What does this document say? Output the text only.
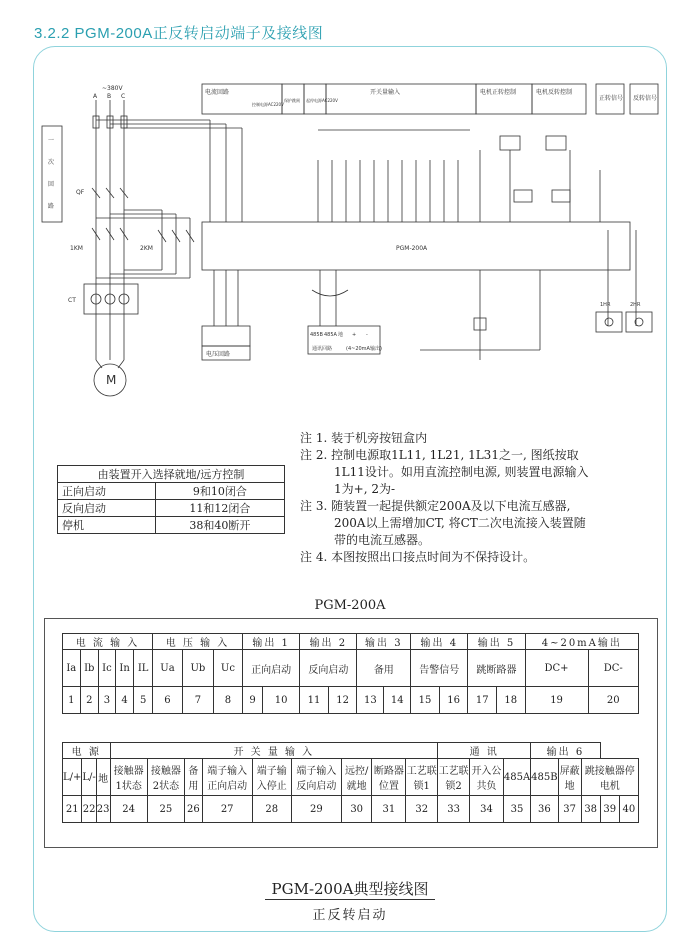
3.2.2 PGM-200A正反转启动端子及接线图
一
次
回
路
~380V
A B C
QF
1KM	2KM
CT
M
PGM-200A
电流回路
控制电源AC220V
保护跳闸 起停电源AC220V
开关量输入	电机正转控制	电机反转控制
正转信号 反转信号
电压回路
485B 485A 地 + -
通讯回路	(4~20mA输出)
1HR	2HR
注 1. 装于机旁按钮盒内
注 2. 控制电源取1L11, 1L21, 1L31之一, 图纸按取
1L11设计。如用直流控制电源, 则装置电源输入
1为+, 2为-
注 3. 随装置一起提供额定200A及以下电流互感器,
200A以上需增加CT, 将CT二次电流接入装置随
带的电流互感器。
注 4. 本图按照出口接点时间为不保持设计。
由装置开入选择就地/远方控制	
正向启动	9和10闭合
反向启动	11和12闭合
停机	38和40断开
PGM-200A
电 流 输 入					电 压 输 入			输出 1		输出 2		输出 3		输出 4		输出 5		4~20mA输出	
Ia	Ib	Ic	In	IL	Ua	Ub	Uc	正向启动		反向启动		备用		告警信号		跳断路器		DC+	DC-
1	2	3	4	5	6	7	8	9	10	11	12	13	14	15	16	17	18	19	20
电 源			开 关 量 输 入									通 讯			输出 6				
L/+	L/-	地	接触器1状态	接触器2状态	备用	端子输入正向启动	端子输入停止	端子输入反向启动	远控/就地	断路器位置	工艺联锁1	工艺联锁2	开入公共负	485A	485B	屏蔽地	跳接触器停电机		
21	22	23	24	25	26	27	28	29	30	31	32	33	34	35	36	37	38	39	40
PGM-200A典型接线图
正反转启动
